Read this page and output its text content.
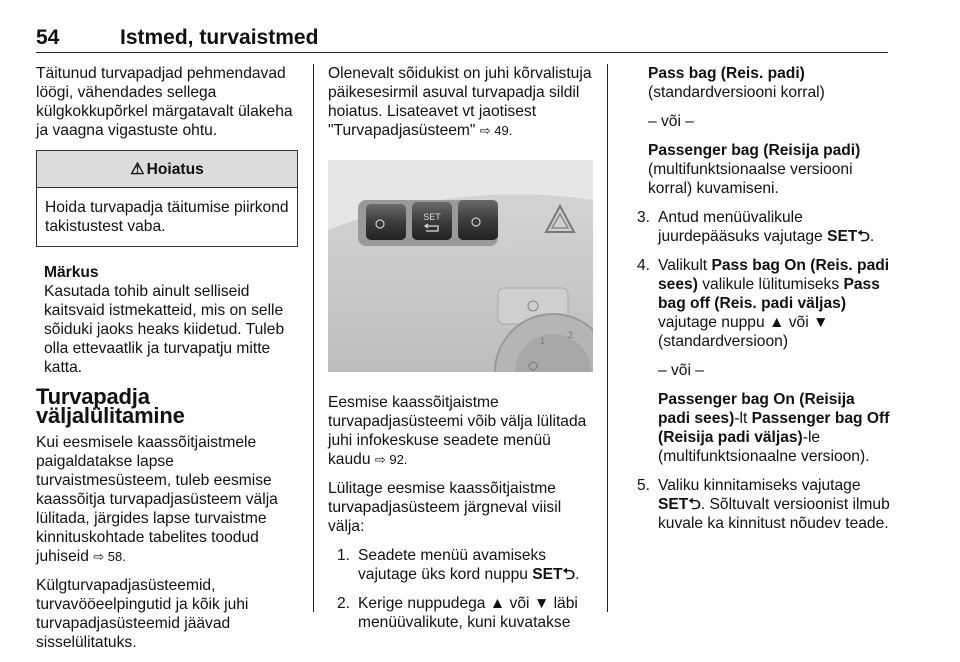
54	Istmed, turvaistmed

Täitunud turvapadjad pehmendavad löögi, vähendades sellega külgkokkupõrkel märgatavalt ülakeha ja vaagna vigastuste ohtu.

⚠ Hoiatus
Hoida turvapadja täitumise piirkond takistustest vaba.
Märkus

Kasutada tohib ainult selliseid kaitsvaid istmekatteid, mis on selle sõiduki jaoks heaks kiidetud. Tuleb olla ettevaatlik ja turvapatju mitte katta.

Turvapadja väljalülitamine

Kui eesmisele kaassõitjaistmele paigaldatakse lapse turvaistmesüsteem, tuleb eesmise kaassõitja turvapadjasüsteem välja lülitada, järgides lapse turvaistme kinnituskohtade tabelites toodud juhiseid ⇨ 58.

Külgturvapadjasüsteemid, turvavööeelpingutid ja kõik juhi turvapadjasüsteemid jäävad sisselülitatuks.

Olenevalt sõidukist on juhi kõrvalistuja päikesesirmil asuval turvapadja sildil hoiatus. Lisateavet vt jaotisest "Turvapadjasüsteem" ⇨ 49.

SET
1
2

Eesmise kaassõitjaistme turvapadjasüsteemi võib välja lülitada juhi infokeskuse seadete menüü kaudu ⇨ 92.

Lülitage eesmise kaassõitjaistme turvapadjasüsteem järgneval viisil välja:

1. Seadete menüü avamiseks vajutage üks kord nuppu SET⮌.
2. Kerige nuppudega ▲ või ▼ läbi menüüvalikute, kuni kuvatakse

Pass bag (Reis. padi)
(standardversiooni korral)

– või –

Passenger bag (Reisija padi)
(multifunktsionaalse versiooni korral) kuvamiseni.

3. Antud menüüvalikule juurdepääsuks vajutage SET⮌.
4. Valikult Pass bag On (Reis. padi sees) valikule lülitumiseks Pass bag off (Reis. padi väljas) vajutage nuppu ▲ või ▼ (standardversioon)
– või –
Passenger bag On (Reisija padi sees)-lt Passenger bag Off (Reisija padi väljas)-le (multifunktsionaalne versioon).
5. Valiku kinnitamiseks vajutage SET⮌. Sõltuvalt versioonist ilmub kuvale ka kinnitust nõudev teade.
